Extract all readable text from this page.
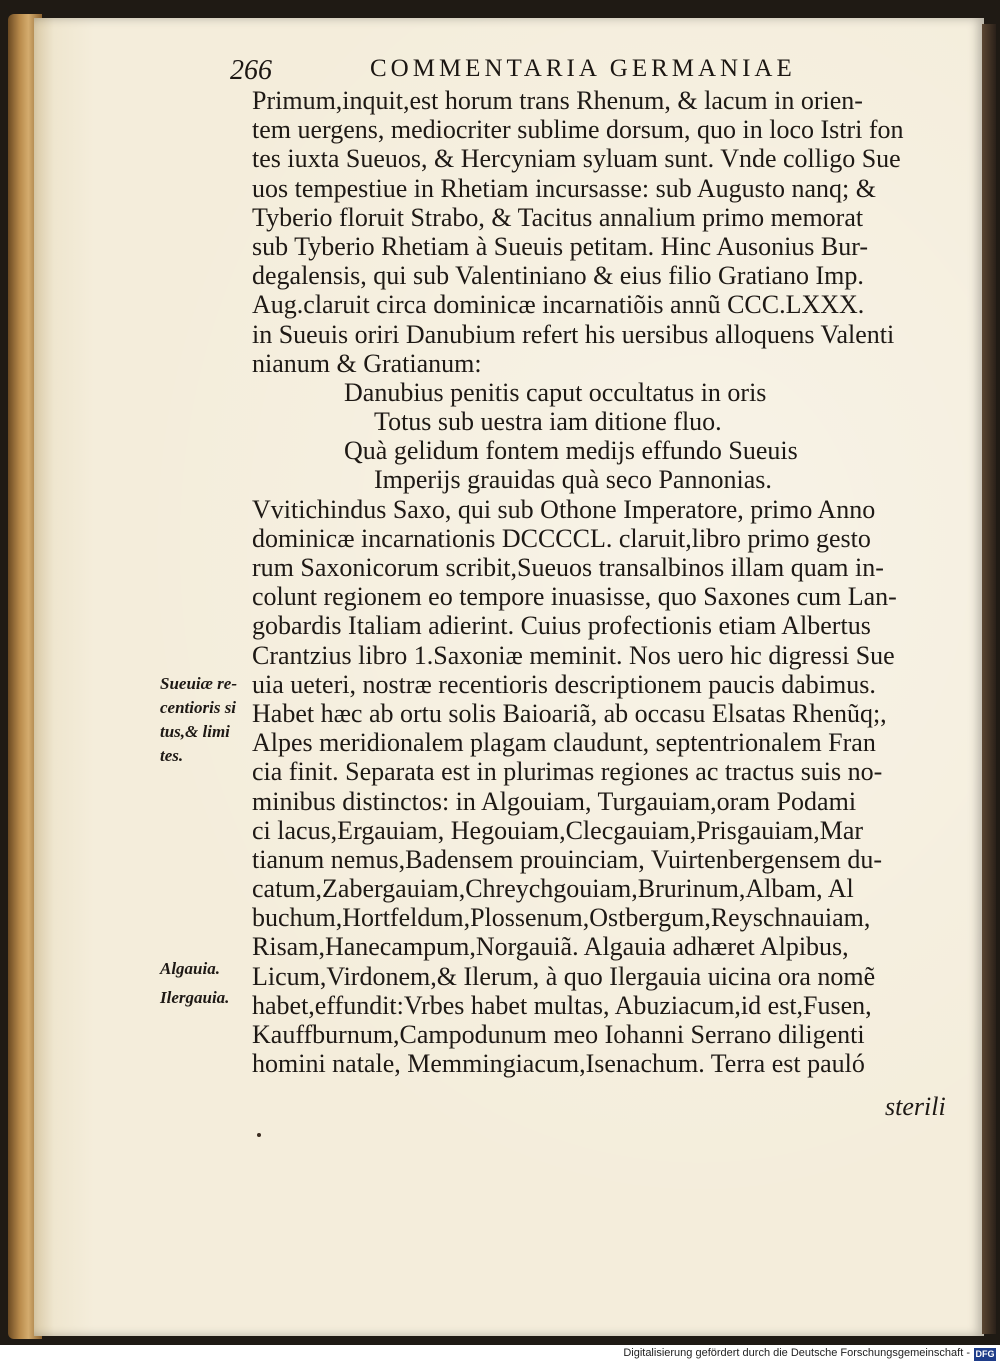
266	COMMENTARIA GERMANIAE
Primum,inquit,est horum trans Rhenum, & lacum in orien-
tem uergens, mediocriter sublime dorsum, quo in loco Istri fon
tes iuxta Sueuos, & Hercyniam syluam sunt. Vnde colligo Sue
uos tempestiue in Rhetiam incursasse: sub Augusto nanq; &
Tyberio floruit Strabo, & Tacitus annalium primo memorat
sub Tyberio Rhetiam à Sueuis petitam. Hinc Ausonius Bur-
degalensis, qui sub Valentiniano & eius filio Gratiano Imp.
Aug.claruit circa dominicæ incarnatiõis annũ CCC.LXXX.
in Sueuis oriri Danubium refert his uersibus alloquens Valenti
nianum & Gratianum:
Danubius penitis caput occultatus in oris
Totus sub uestra iam ditione fluo.
Quà gelidum fontem medijs effundo Sueuis
Imperijs grauidas quà seco Pannonias.
Vvitichindus Saxo, qui sub Othone Imperatore, primo Anno
dominicæ incarnationis DCCCCL. claruit,libro primo gesto
rum Saxonicorum scribit,Sueuos transalbinos illam quam in-
colunt regionem eo tempore inuasisse, quo Saxones cum Lan-
gobardis Italiam adierint. Cuius profectionis etiam Albertus
Crantzius libro 1.Saxoniæ meminit. Nos uero hic digressi Sue
uia ueteri, nostræ recentioris descriptionem paucis dabimus.
Habet hæc ab ortu solis Baioariã, ab occasu Elsatas Rhenũq;,
Alpes meridionalem plagam claudunt, septentrionalem Fran
cia finit. Separata est in plurimas regiones ac tractus suis no-
minibus distinctos: in Algouiam, Turgauiam,oram Podami
ci lacus,Ergauiam, Hegouiam,Clecgauiam,Prisgauiam,Mar
tianum nemus,Badensem prouinciam, Vuirtenbergensem du-
catum,Zabergauiam,Chreychgouiam,Brurinum,Albam, Al
buchum,Hortfeldum,Plossenum,Ostbergum,Reyschnauiam,
Risam,Hanecampum,Norgauiã. Algauia adhæret Alpibus,
Licum,Virdonem,& Ilerum, à quo Ilergauia uicina ora nomẽ
habet,effundit:Vrbes habet multas, Abuziacum,id est,Fusen,
Kauffburnum,Campodunum meo Iohanni Serrano diligenti
homini natale, Memmingiacum,Isenachum. Terra est pauló
sterili
Sueuiæ re-
centioris si
tus,& limi
tes.
Algauia.
Ilergauia.
Digitalisierung gefördert durch die Deutsche Forschungsgemeinschaft - DFG
